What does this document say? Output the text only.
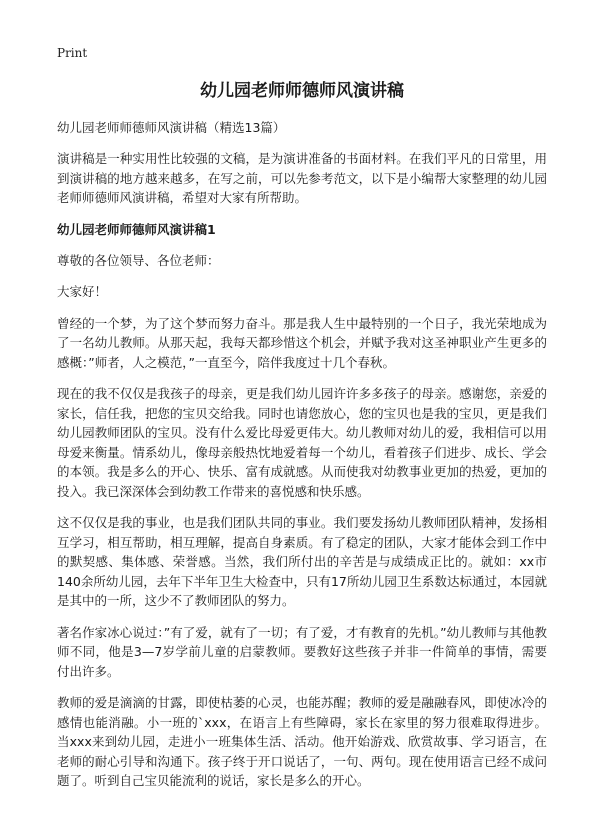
Print
幼儿园老师师德师风演讲稿

幼儿园老师师德师风演讲稿（精选13篇）

演讲稿是一种实用性比较强的文稿，是为演讲准备的书面材料。在我们平凡的日常里，用到演讲稿的地方越来越多，在写之前，可以先参考范文，以下是小编帮大家整理的幼儿园老师师德师风演讲稿，希望对大家有所帮助。

幼儿园老师师德师风演讲稿1

尊敬的各位领导、各位老师：

大家好！

曾经的一个梦，为了这个梦而努力奋斗。那是我人生中最特别的一个日子，我光荣地成为了一名幼儿教师。从那天起，我每天都珍惜这个机会，并赋予我对这圣神职业产生更多的感概：”师者，人之模范，”一直至今，陪伴我度过十几个春秋。

现在的我不仅仅是我孩子的母亲，更是我们幼儿园许许多多孩子的母亲。感谢您，亲爱的家长，信任我，把您的宝贝交给我。同时也请您放心，您的宝贝也是我的宝贝，更是我们幼儿园教师团队的宝贝。没有什么爱比母爱更伟大。幼儿教师对幼儿的爱，我相信可以用母爱来衡量。情系幼儿，像母亲般热忱地爱着每一个幼儿，看着孩子们进步、成长、学会的本领。我是多么的开心、快乐、富有成就感。从而使我对幼教事业更加的热爱，更加的投入。我已深深体会到幼教工作带来的喜悦感和快乐感。

这不仅仅是我的事业，也是我们团队共同的事业。我们要发扬幼儿教师团队精神，发扬相互学习，相互帮助，相互理解，提高自身素质。有了稳定的团队，大家才能体会到工作中的默契感、集体感、荣誉感。当然，我们所付出的辛苦是与成绩成正比的。就如：xx市140余所幼儿园，去年下半年卫生大检查中，只有17所幼儿园卫生系数达标通过，本园就是其中的一所，这少不了教师团队的努力。

著名作家冰心说过：”有了爱，就有了一切；有了爱，才有教育的先机。”幼儿教师与其他教师不同，他是3—7岁学前儿童的启蒙教师。要教好这些孩子并非一件简单的事情，需要付出许多。

教师的爱是滴滴的甘露，即使枯萎的心灵，也能苏醒；教师的爱是融融春风，即使冰冷的感情也能消融。小一班的`xxx，在语言上有些障碍，家长在家里的努力很难取得进步。当xxx来到幼儿园，走进小一班集体生活、活动。他开始游戏、欣赏故事、学习语言，在老师的耐心引导和沟通下。孩子终于开口说话了，一句、两句。现在使用语言已经不成问题了。听到自己宝贝能流利的说话，家长是多么的开心。
